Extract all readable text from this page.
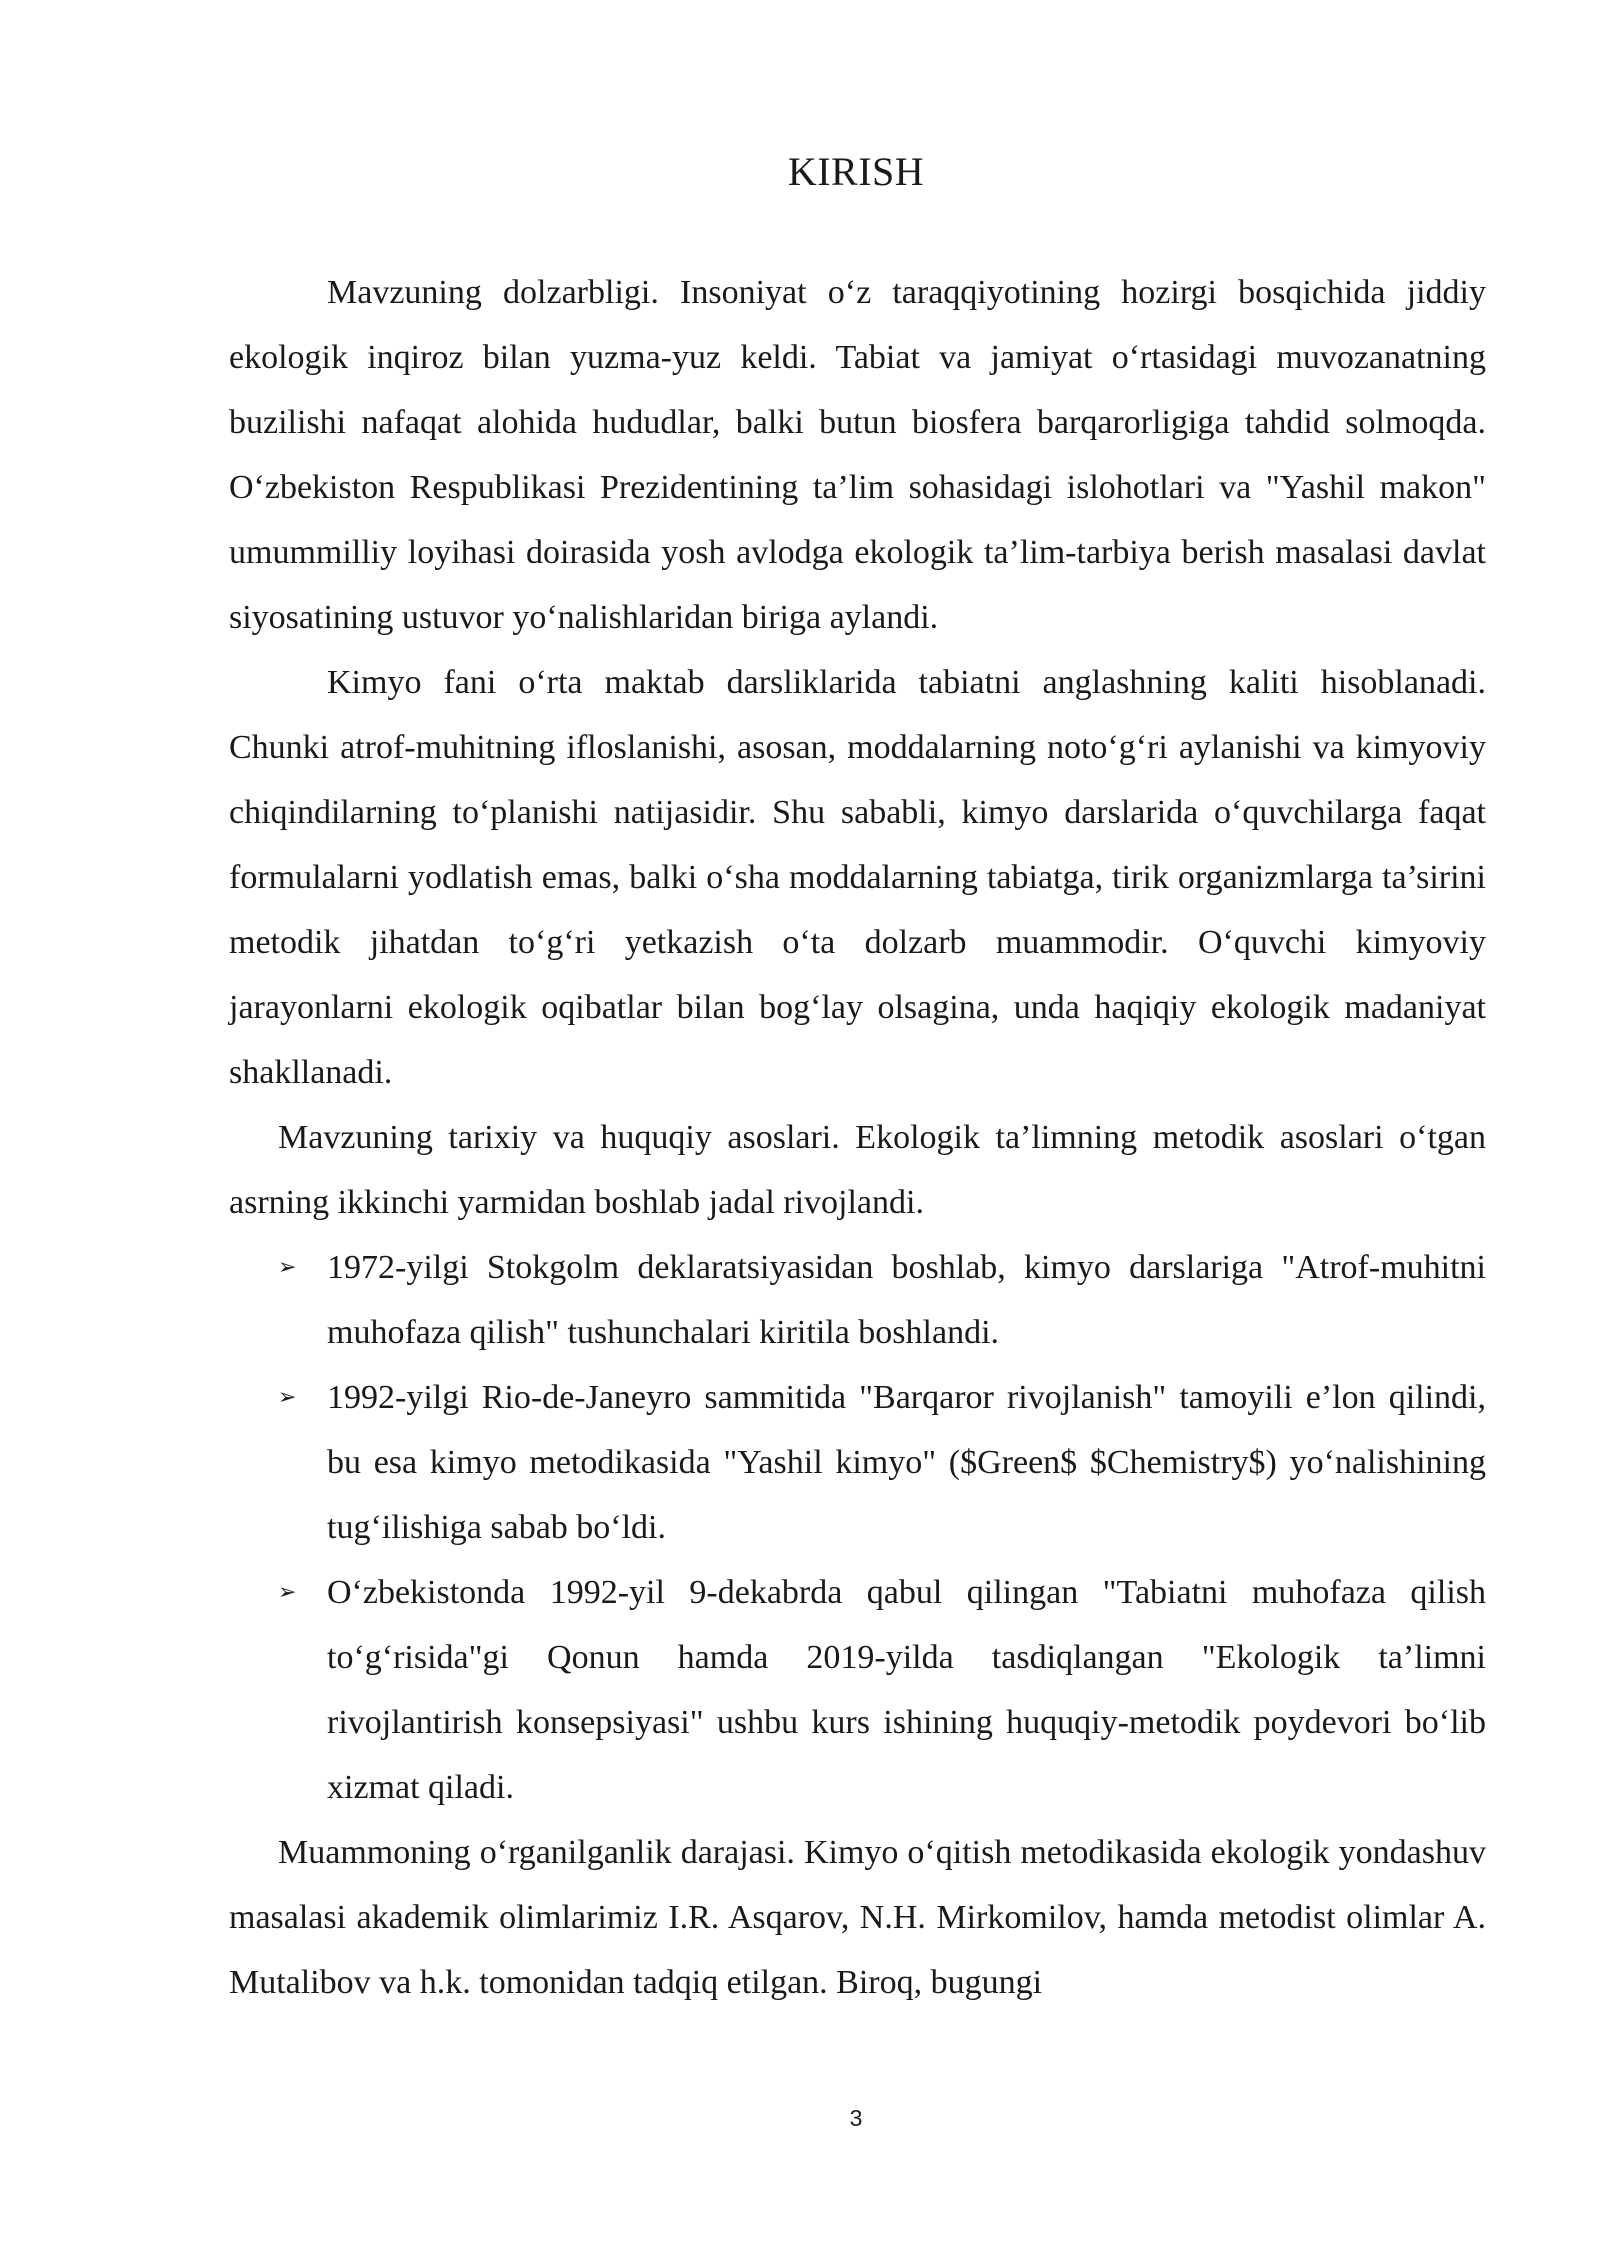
KIRISH

Mavzuning dolzarbligi. Insoniyat o‘z taraqqiyotining hozirgi bosqichida jiddiy ekologik inqiroz bilan yuzma-yuz keldi. Tabiat va jamiyat o‘rtasidagi muvozanatning buzilishi nafaqat alohida hududlar, balki butun biosfera barqarorligiga tahdid solmoqda. O‘zbekiston Respublikasi Prezidentining ta’lim sohasidagi islohotlari va "Yashil makon" umummilliy loyihasi doirasida yosh avlodga ekologik ta’lim-tarbiya berish masalasi davlat siyosatining ustuvor yo‘nalishlaridan biriga aylandi.

Kimyo fani o‘rta maktab darsliklarida tabiatni anglashning kaliti hisoblanadi. Chunki atrof-muhitning ifloslanishi, asosan, moddalarning noto‘g‘ri aylanishi va kimyoviy chiqindilarning to‘planishi natijasidir. Shu sababli, kimyo darslarida o‘quvchilarga faqat formulalarni yodlatish emas, balki o‘sha moddalarning tabiatga, tirik organizmlarga ta’sirini metodik jihatdan to‘g‘ri yetkazish o‘ta dolzarb muammodir. O‘quvchi kimyoviy jarayonlarni ekologik oqibatlar bilan bog‘lay olsagina, unda haqiqiy ekologik madaniyat shakllanadi.

Mavzuning tarixiy va huquqiy asoslari. Ekologik ta’limning metodik asoslari o‘tgan asrning ikkinchi yarmidan boshlab jadal rivojlandi.

➢ 1972-yilgi Stokgolm deklaratsiyasidan boshlab, kimyo darslariga "Atrof-muhitni muhofaza qilish" tushunchalari kiritila boshlandi.
➢ 1992-yilgi Rio-de-Janeyro sammitida "Barqaror rivojlanish" tamoyili e’lon qilindi, bu esa kimyo metodikasida "Yashil kimyo" ($Green$ $Chemistry$) yo‘nalishining tug‘ilishiga sabab bo‘ldi.
➢ O‘zbekistonda 1992-yil 9-dekabrda qabul qilingan "Tabiatni muhofaza qilish to‘g‘risida"gi Qonun hamda 2019-yilda tasdiqlangan "Ekologik ta’limni rivojlantirish konsepsiyasi" ushbu kurs ishining huquqiy-metodik poydevori bo‘lib xizmat qiladi.

Muammoning o‘rganilganlik darajasi. Kimyo o‘qitish metodikasida ekologik yondashuv masalasi akademik olimlarimiz I.R. Asqarov, N.H. Mirkomilov, hamda metodist olimlar A. Mutalibov va h.k. tomonidan tadqiq etilgan. Biroq, bugungi

3
